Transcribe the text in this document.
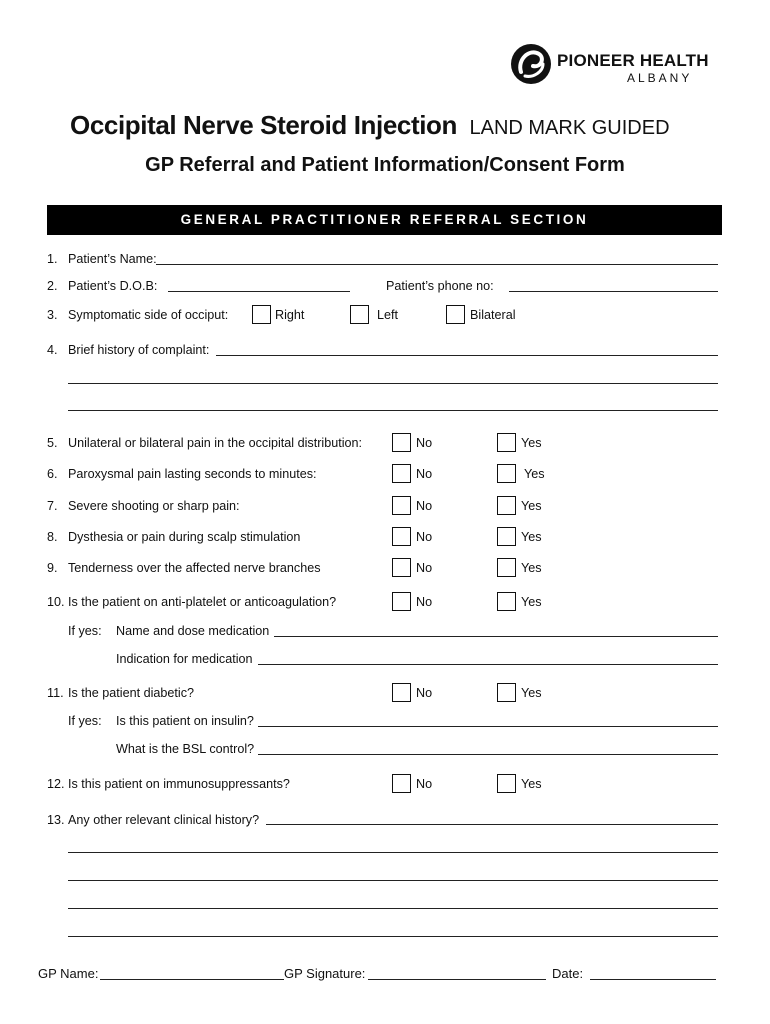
PIONEER HEALTH
ALBANY
Occipital Nerve Steroid Injection LAND MARK GUIDED
GP Referral and Patient Information/Consent Form
GENERAL PRACTITIONER REFERRAL SECTION
1. Patient’s Name:
2. Patient’s D.O.B:	Patient’s phone no:
3. Symptomatic side of occiput:	Right	Left	Bilateral
4. Brief history of complaint:
5. Unilateral or bilateral pain in the occipital distribution:	No	Yes
6. Paroxysmal pain lasting seconds to minutes:	No	Yes
7. Severe shooting or sharp pain:	No	Yes
8. Dysthesia or pain during scalp stimulation	No	Yes
9. Tenderness over the affected nerve branches	No	Yes
10. Is the patient on anti-platelet or anticoagulation?	No	Yes
If yes: Name and dose medication
Indication for medication
11. Is the patient diabetic?	No	Yes
If yes: Is this patient on insulin?
What is the BSL control?
12. Is this patient on immunosuppressants?	No	Yes
13. Any other relevant clinical history?
GP Name:	GP Signature:	Date:
